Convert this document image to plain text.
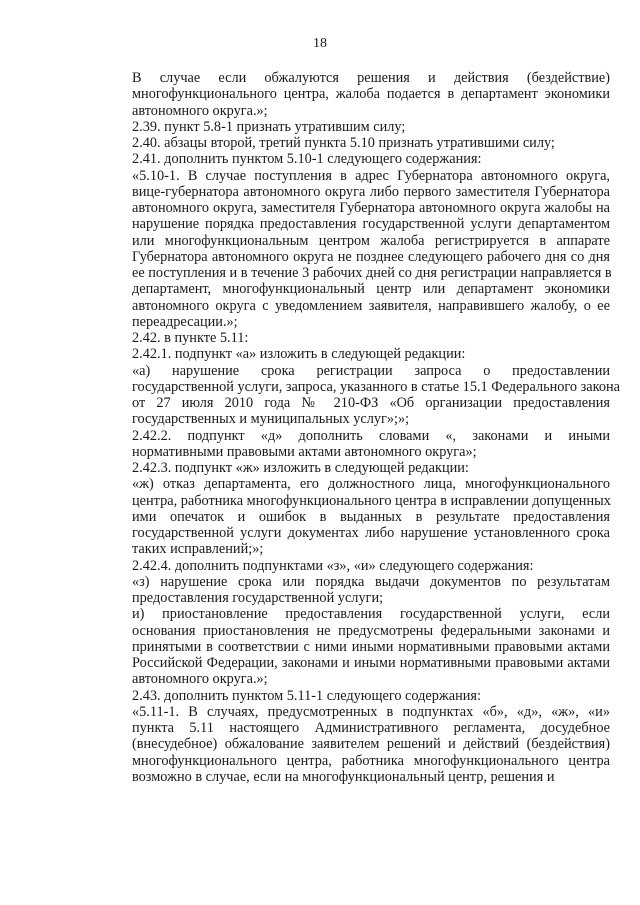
18

В случае если обжалуются решения и действия (бездействие)
многофункционального центра, жалоба подается в департамент экономики
автономного округа.»;

2.39. пункт 5.8-1 признать утратившим силу;

2.40. абзацы второй, третий пункта 5.10 признать утратившими силу;

2.41. дополнить пунктом 5.10-1 следующего содержания:

«5.10-1. В случае поступления в адрес Губернатора автономного округа,
вице-губернатора автономного округа либо первого заместителя Губернатора
автономного округа, заместителя Губернатора автономного округа жалобы на
нарушение порядка предоставления государственной услуги департаментом
или многофункциональным центром жалоба регистрируется в аппарате
Губернатора автономного округа не позднее следующего рабочего дня со дня
ее поступления и в течение 3 рабочих дней со дня регистрации направляется в
департамент, многофункциональный центр или департамент экономики
автономного округа с уведомлением заявителя, направившего жалобу, о ее
переадресации.»;

2.42. в пункте 5.11:

2.42.1. подпункт «а» изложить в следующей редакции:

«а) нарушение срока регистрации запроса о предоставлении
государственной услуги, запроса, указанного в статье 15.1 Федерального закона
от 27 июля 2010 года № 210-ФЗ «Об организации предоставления
государственных и муниципальных услуг»;»;

2.42.2. подпункт «д» дополнить словами «, законами и иными
нормативными правовыми актами автономного округа»;

2.42.3. подпункт «ж» изложить в следующей редакции:

«ж) отказ департамента, его должностного лица, многофункционального
центра, работника многофункционального центра в исправлении допущенных
ими опечаток и ошибок в выданных в результате предоставления
государственной услуги документах либо нарушение установленного срока
таких исправлений;»;

2.42.4. дополнить подпунктами «з», «и» следующего содержания:

«з) нарушение срока или порядка выдачи документов по результатам
предоставления государственной услуги;

и) приостановление предоставления государственной услуги, если
основания приостановления не предусмотрены федеральными законами и
принятыми в соответствии с ними иными нормативными правовыми актами
Российской Федерации, законами и иными нормативными правовыми актами
автономного округа.»;

2.43. дополнить пунктом 5.11-1 следующего содержания:

«5.11-1. В случаях, предусмотренных в подпунктах «б», «д», «ж», «и»
пункта 5.11 настоящего Административного регламента, досудебное
(внесудебное) обжалование заявителем решений и действий (бездействия)
многофункционального центра, работника многофункционального центра
возможно в случае, если на многофункциональный центр, решения и
